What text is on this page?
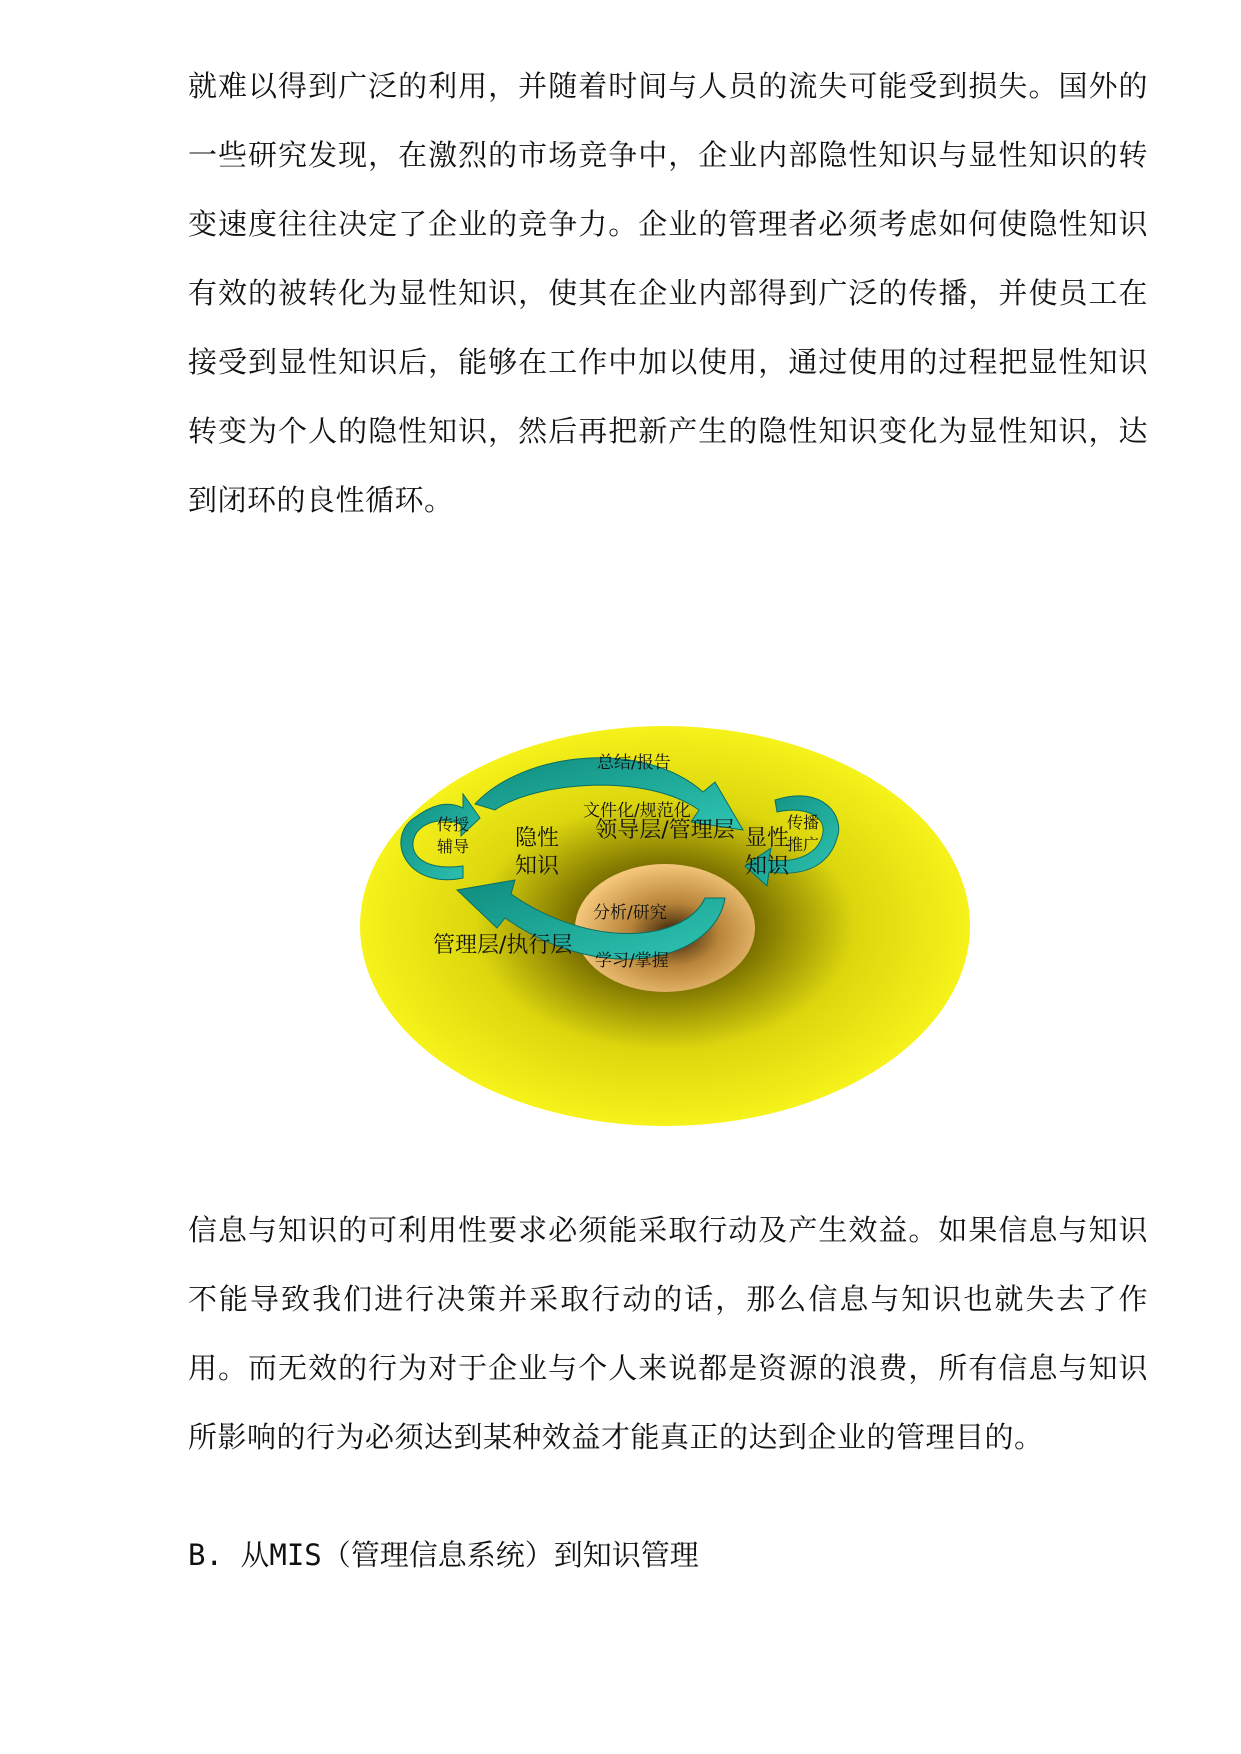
就难以得到广泛的利用，并随着时间与人员的流失可能受到损失。国外的一些研究发现，在激烈的市场竞争中，企业内部隐性知识与显性知识的转变速度往往决定了企业的竞争力。企业的管理者必须考虑如何使隐性知识有效的被转化为显性知识，使其在企业内部得到广泛的传播，并使员工在接受到显性知识后，能够在工作中加以使用，通过使用的过程把显性知识转变为个人的隐性知识，然后再把新产生的隐性知识变化为显性知识，达到闭环的良性循环。

总结/报告
文件化/规范化
隐性 知识
显性 知识
领导层/管理层
传授 辅导
传播 推广
分析/研究
学习/掌握
管理层/执行层

信息与知识的可利用性要求必须能采取行动及产生效益。如果信息与知识不能导致我们进行决策并采取行动的话，那么信息与知识也就失去了作用。而无效的行为对于企业与个人来说都是资源的浪费，所有信息与知识所影响的行为必须达到某种效益才能真正的达到企业的管理目的。

B. 从MIS（管理信息系统）到知识管理
